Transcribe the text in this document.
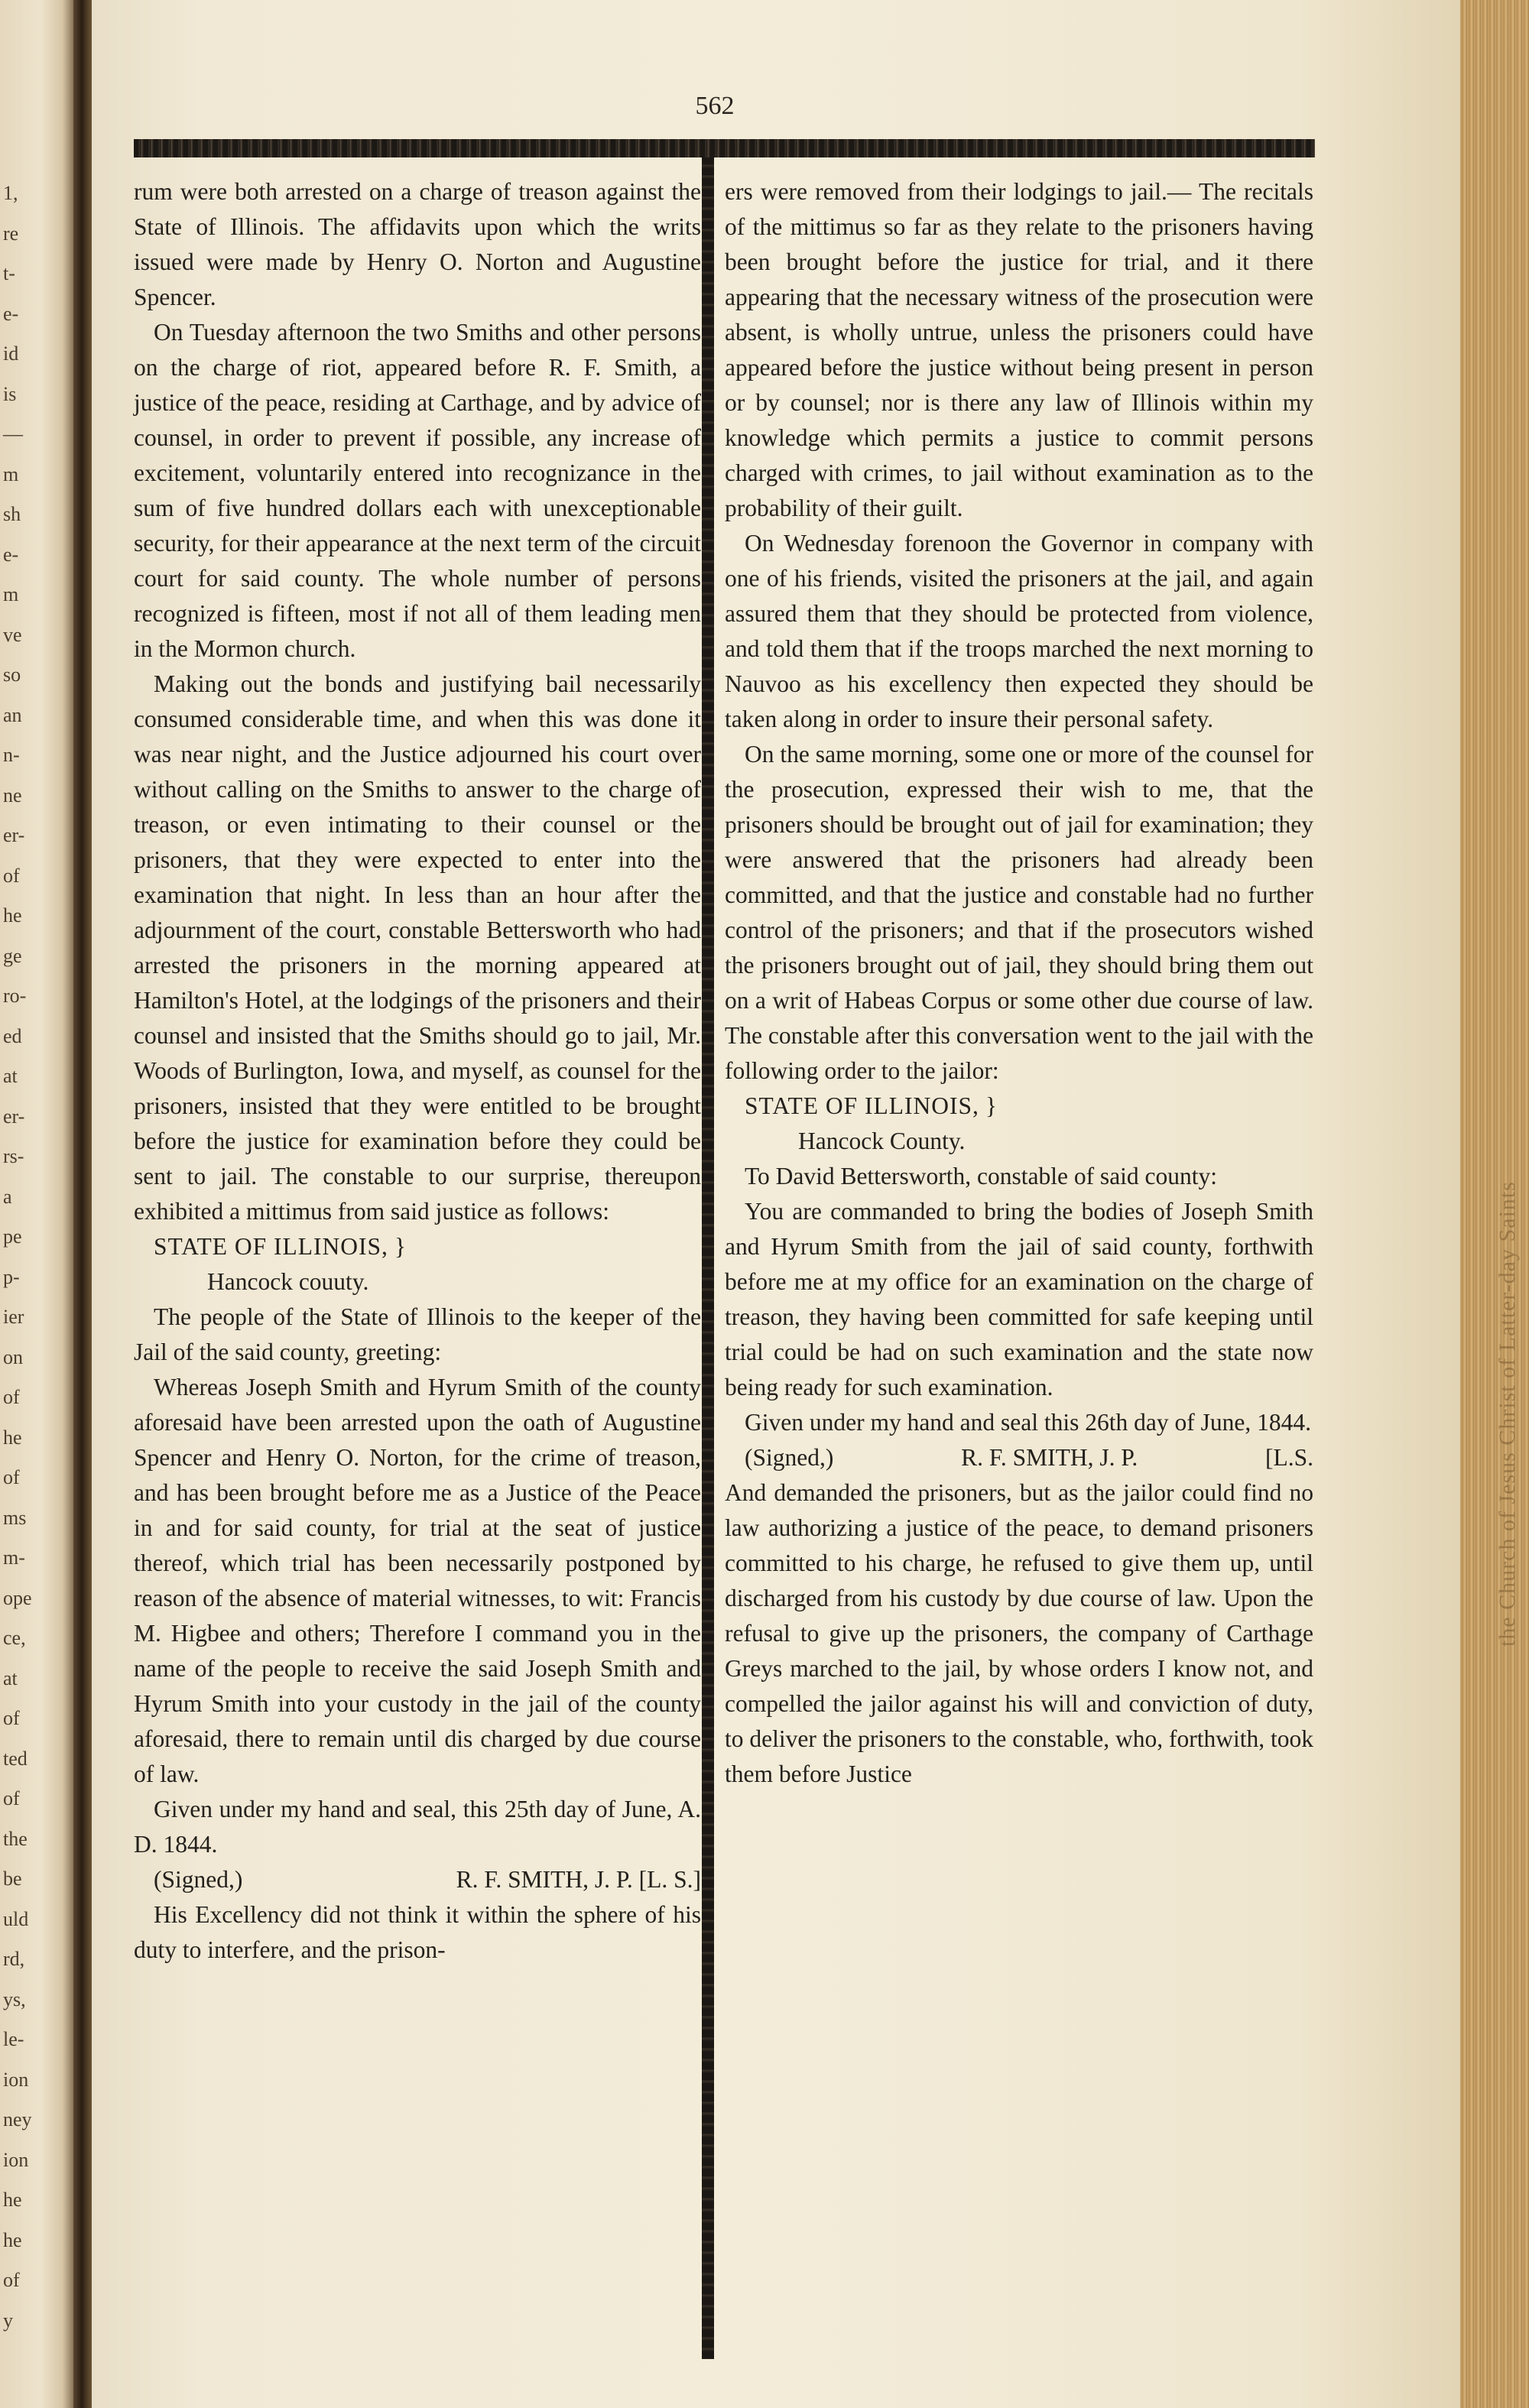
1,
re
t-
e-
id
is
—
m
sh
e-
m
ve
so
an
n-
ne
er-
of
he
ge
ro-
ed
at
er-
rs-
a
pe
p-
ier
on
of
he
of
ms
m-
ope
ce,
at
of
ted
of
the
be
uld
rd,
ys,
le-
ion
ney
ion
he
he
of
y
562

rum were both arrested on a charge of treason against the State of Illinois. The affidavits upon which the writs issued were made by Henry O. Norton and Augustine Spencer.

On Tuesday afternoon the two Smiths and other persons on the charge of riot, appeared before R. F. Smith, a justice of the peace, residing at Carthage, and by advice of counsel, in order to prevent if possible, any increase of excitement, voluntarily entered into recognizance in the sum of five hundred dollars each with unexceptionable security, for their appearance at the next term of the circuit court for said county. The whole number of persons recognized is fifteen, most if not all of them leading men in the Mormon church.

Making out the bonds and justifying bail necessarily consumed considerable time, and when this was done it was near night, and the Justice adjourned his court over without calling on the Smiths to answer to the charge of treason, or even intimating to their counsel or the prisoners, that they were expected to enter into the examination that night. In less than an hour after the adjournment of the court, constable Bettersworth who had arrested the prisoners in the morning appeared at Hamilton's Hotel, at the lodgings of the prisoners and their counsel and insisted that the Smiths should go to jail, Mr. Woods of Burlington, Iowa, and myself, as counsel for the prisoners, insisted that they were entitled to be brought before the justice for examination before they could be sent to jail. The constable to our surprise, thereupon exhibited a mittimus from said justice as follows:

STATE OF ILLINOIS, }

Hancock couuty.

The people of the State of Illinois to the keeper of the Jail of the said county, greeting:

Whereas Joseph Smith and Hyrum Smith of the county aforesaid have been arrested upon the oath of Augustine Spencer and Henry O. Norton, for the crime of treason, and has been brought before me as a Justice of the Peace in and for said county, for trial at the seat of justice thereof, which trial has been necessarily postponed by reason of the absence of material witnesses, to wit: Francis M. Higbee and others; Therefore I command you in the name of the people to receive the said Joseph Smith and Hyrum Smith into your custody in the jail of the county aforesaid, there to remain until dis charged by due course of law.

Given under my hand and seal, this 25th day of June, A. D. 1844.

(Signed,)	R. F. SMITH, J. P. [L. S.]

His Excellency did not think it within the sphere of his duty to interfere, and the prison-

ers were removed from their lodgings to jail.— The recitals of the mittimus so far as they relate to the prisoners having been brought before the justice for trial, and it there appearing that the necessary witness of the prosecution were absent, is wholly untrue, unless the prisoners could have appeared before the justice without being present in person or by counsel; nor is there any law of Illinois within my knowledge which permits a justice to commit persons charged with crimes, to jail without examination as to the probability of their guilt.

On Wednesday forenoon the Governor in company with one of his friends, visited the prisoners at the jail, and again assured them that they should be protected from violence, and told them that if the troops marched the next morning to Nauvoo as his excellency then expected they should be taken along in order to insure their personal safety.

On the same morning, some one or more of the counsel for the prosecution, expressed their wish to me, that the prisoners should be brought out of jail for examination; they were answered that the prisoners had already been committed, and that the justice and constable had no further control of the prisoners; and that if the prosecutors wished the prisoners brought out of jail, they should bring them out on a writ of Habeas Corpus or some other due course of law. The constable after this conversation went to the jail with the following order to the jailor:

STATE OF ILLINOIS, }

Hancock County.

To David Bettersworth, constable of said county:

You are commanded to bring the bodies of Joseph Smith and Hyrum Smith from the jail of said county, forthwith before me at my office for an examination on the charge of treason, they having been committed for safe keeping until trial could be had on such examination and the state now being ready for such examination.

Given under my hand and seal this 26th day of June, 1844.

(Signed,)	R. F. SMITH, J. P.	[L.S.

And demanded the prisoners, but as the jailor could find no law authorizing a justice of the peace, to demand prisoners committed to his charge, he refused to give them up, until discharged from his custody by due course of law. Upon the refusal to give up the prisoners, the company of Carthage Greys marched to the jail, by whose orders I know not, and compelled the jailor against his will and conviction of duty, to deliver the prisoners to the constable, who, forthwith, took them before Justice

the Church of Jesus Christ of Latter-day Saints
